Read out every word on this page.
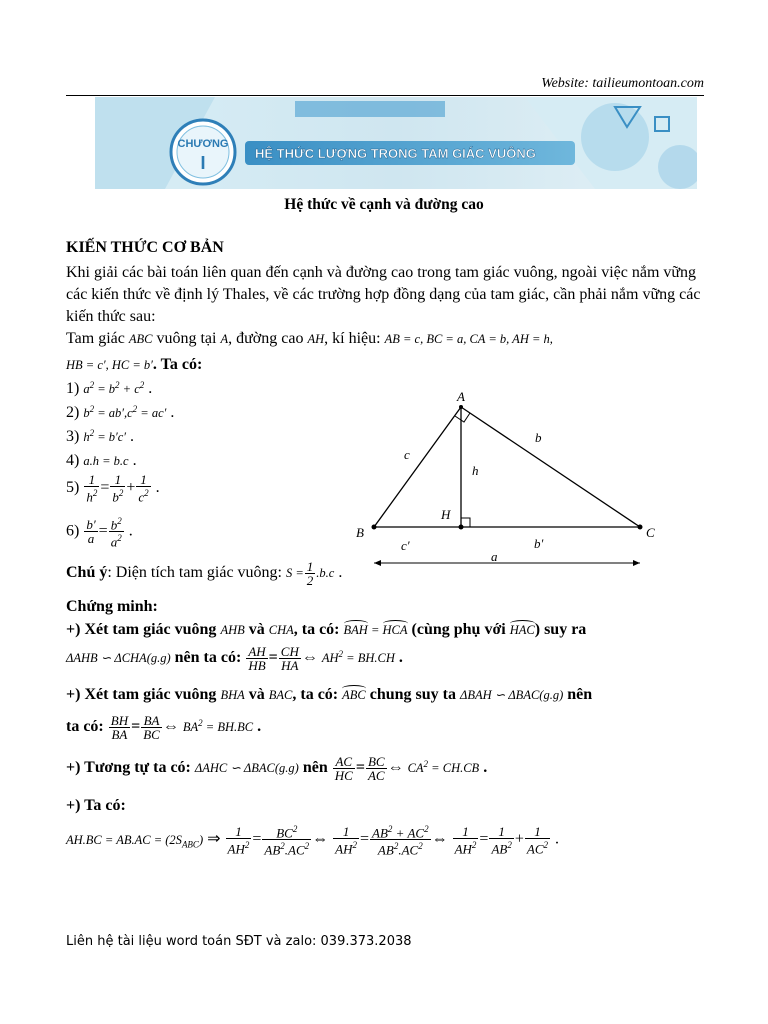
Website: tailieumontoan.com
CHƯƠNG
I	HỆ THỨC LƯỢNG TRONG TAM GIÁC VUÔNG
Hệ thức về cạnh và đường cao
KIẾN THỨC CƠ BẢN
Khi giải các bài toán liên quan đến cạnh và đường cao trong tam giác vuông, ngoài việc nắm vững các kiến thức về định lý Thales, về các trường hợp đồng dạng của tam giác, cần phải nắm vững các kiến thức sau:
Tam giác ABC vuông tại A, đường cao AH, kí hiệu: AB = c, BC = a, CA = b, AH = h,
HB = c′, HC = b′. Ta có:
1) $a^2 = b^2 + c^2$ .
2) $b^2 = ab',c^2 = ac'$ .
3) $h^2 = b'c'$ .
4) a.h = b.c .
$5) \frac{1}{h^2} = \frac{1}{b^2} + \frac{1}{c^2}$ .
$6) \frac{b'}{a} = \frac{b^2}{a^2}$ .
A
B	C
H
c
b
h
c′	b′
a
Chú ý: Diện tích tam giác vuông: $S = \frac{1}{2} .b.c$ .
Chứng minh:
+) Xét tam giác vuông AHB và CHA, ta có: BAH = HCA (cùng phụ với HAC) suy ra
ΔAHB ∽ ΔCHA(g.g) nên ta có: $\frac{AH}{HB} = \frac{CH}{HA}$ ⇔ $AH^2 = BH.CH$ .
+) Xét tam giác vuông BHA và BAC, ta có: ABC chung suy ta ΔBAH ∽ ΔBAC(g.g) nên
ta có: $\frac{BH}{BA} = \frac{BA}{BC}$ ⇔ $BA^2 = BH.BC$ .
+) Tương tự ta có: ΔAHC ∽ ΔBAC(g.g) nên $\frac{AC}{HC} = \frac{BC}{AC}$ ⇔ $CA^2 = CH.CB$ .
+) Ta có:
$AH.BC = AB.AC = (2S_{ABC})$ ⇒ $\frac{1}{AH^2} = \frac{BC^2}{AB^2.AC^2}$ ⇔ $\frac{1}{AH^2} = \frac{AB^2 + AC^2}{AB^2.AC^2}$ ⇔ $\frac{1}{AH^2} = \frac{1}{AB^2} + \frac{1}{AC^2}$ .
Liên hệ tài liệu word toán SĐT và zalo: 039.373.2038
